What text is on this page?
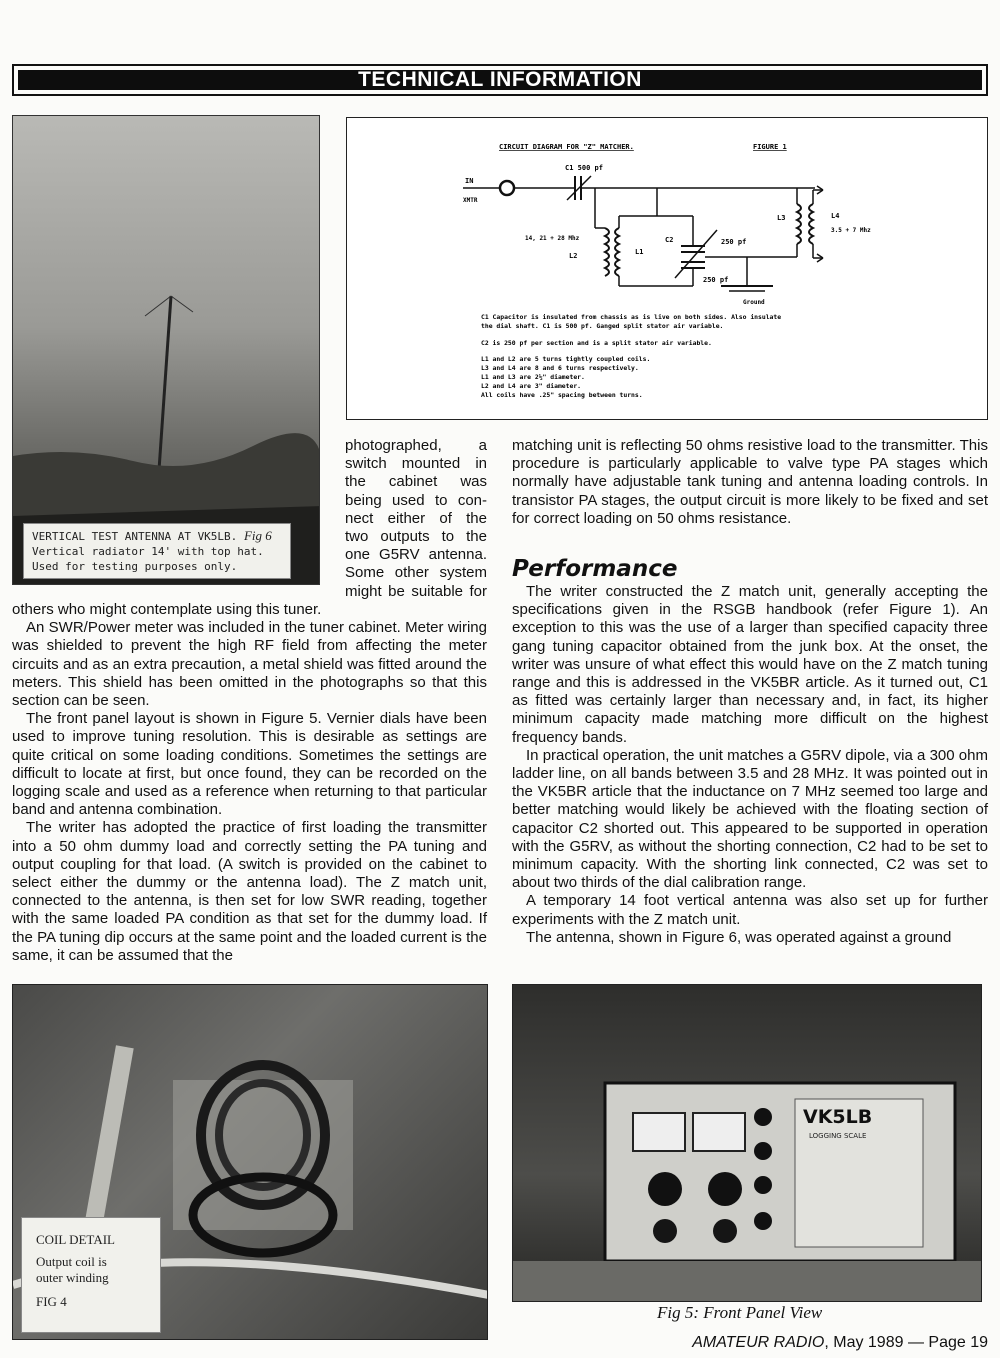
TECHNICAL INFORMATION
VERTICAL TEST ANTENNA AT VK5LB. Fig 6
Vertical radiator 14' with top hat.
Used for testing purposes only.
CIRCUIT DIAGRAM FOR "Z" MATCHER.	FIGURE 1
C1 500 pf
IN
XMTR
L2
14, 21 + 28 Mhz
L1
C2	250 pf
250 pf
Ground
L3	L4
3.5 + 7 Mhz
C1 Capacitor is insulated from chassis as is live on both sides. Also insulate
the dial shaft. C1 is 500 pf. Ganged split stator air variable.
C2 is 250 pf per section and is a split stator air variable.
L1 and L2 are 5 turns tightly coupled coils.
L3 and L4 are 8 and 6 turns respectively.
L1 and L3 are 2½" diameter.
L2 and L4 are 3" diameter.
All coils have .25" spacing between turns.
photographed, a
switch mounted in
the cabinet was
being used to con-
nect either of the
two outputs to the
one G5RV antenna.
Some other system
might be suitable for

others who might contemplate using this tuner.

An SWR/Power meter was included in the tuner cabinet. Meter wiring was shielded to prevent the high RF field from affecting the meter circuits and as an extra precaution, a metal shield was fitted around the meters. This shield has been omitted in the photographs so that this section can be seen.

The front panel layout is shown in Figure 5. Vernier dials have been used to improve tuning resolution. This is desirable as settings are quite critical on some loading conditions. Sometimes the settings are difficult to locate at first, but once found, they can be recorded on the logging scale and used as a reference when returning to that particular band and antenna combination.

The writer has adopted the practice of first loading the transmitter into a 50 ohm dummy load and correctly setting the PA tuning and output coupling for that load. (A switch is provided on the cabinet to select either the dummy or the antenna load). The Z match unit, connected to the antenna, is then set for low SWR reading, together with the same loaded PA condition as that set for the dummy load. If the PA tuning dip occurs at the same point and the loaded current is the same, it can be assumed that the

matching unit is reflecting 50 ohms resistive load to the transmitter. This procedure is particularly applicable to valve type PA stages which normally have adjustable tank tuning and antenna loading controls. In transistor PA stages, the output circuit is more likely to be fixed and set for correct loading on 50 ohms resistance.

Performance

The writer constructed the Z match unit, generally accepting the specifications given in the RSGB handbook (refer Figure 1). An exception to this was the use of a larger than specified capacity three gang tuning capacitor obtained from the junk box. At the onset, the writer was unsure of what effect this would have on the Z match tuning range and this is addressed in the VK5BR article. As it turned out, C1 as fitted was certainly larger than necessary and, in fact, its higher minimum capacity made matching more difficult on the highest frequency bands.

In practical operation, the unit matches a G5RV dipole, via a 300 ohm ladder line, on all bands between 3.5 and 28 MHz. It was pointed out in the VK5BR article that the inductance on 7 MHz seemed too large and better matching would likely be achieved with the floating section of capacitor C2 shorted out. This appeared to be supported in operation with the G5RV, as without the shorting connection, C2 had to be set to minimum capacity. With the shorting link connected, C2 was set to about two thirds of the dial calibration range.

A temporary 14 foot vertical antenna was also set up for further experiments with the Z match unit.

The antenna, shown in Figure 6, was operated against a ground

COIL DETAIL
Output coil is
outer winding
FIG 4
VK5LB
LOGGING SCALE
Fig 5: Front Panel View
AMATEUR RADIO, May 1989 — Page 19
